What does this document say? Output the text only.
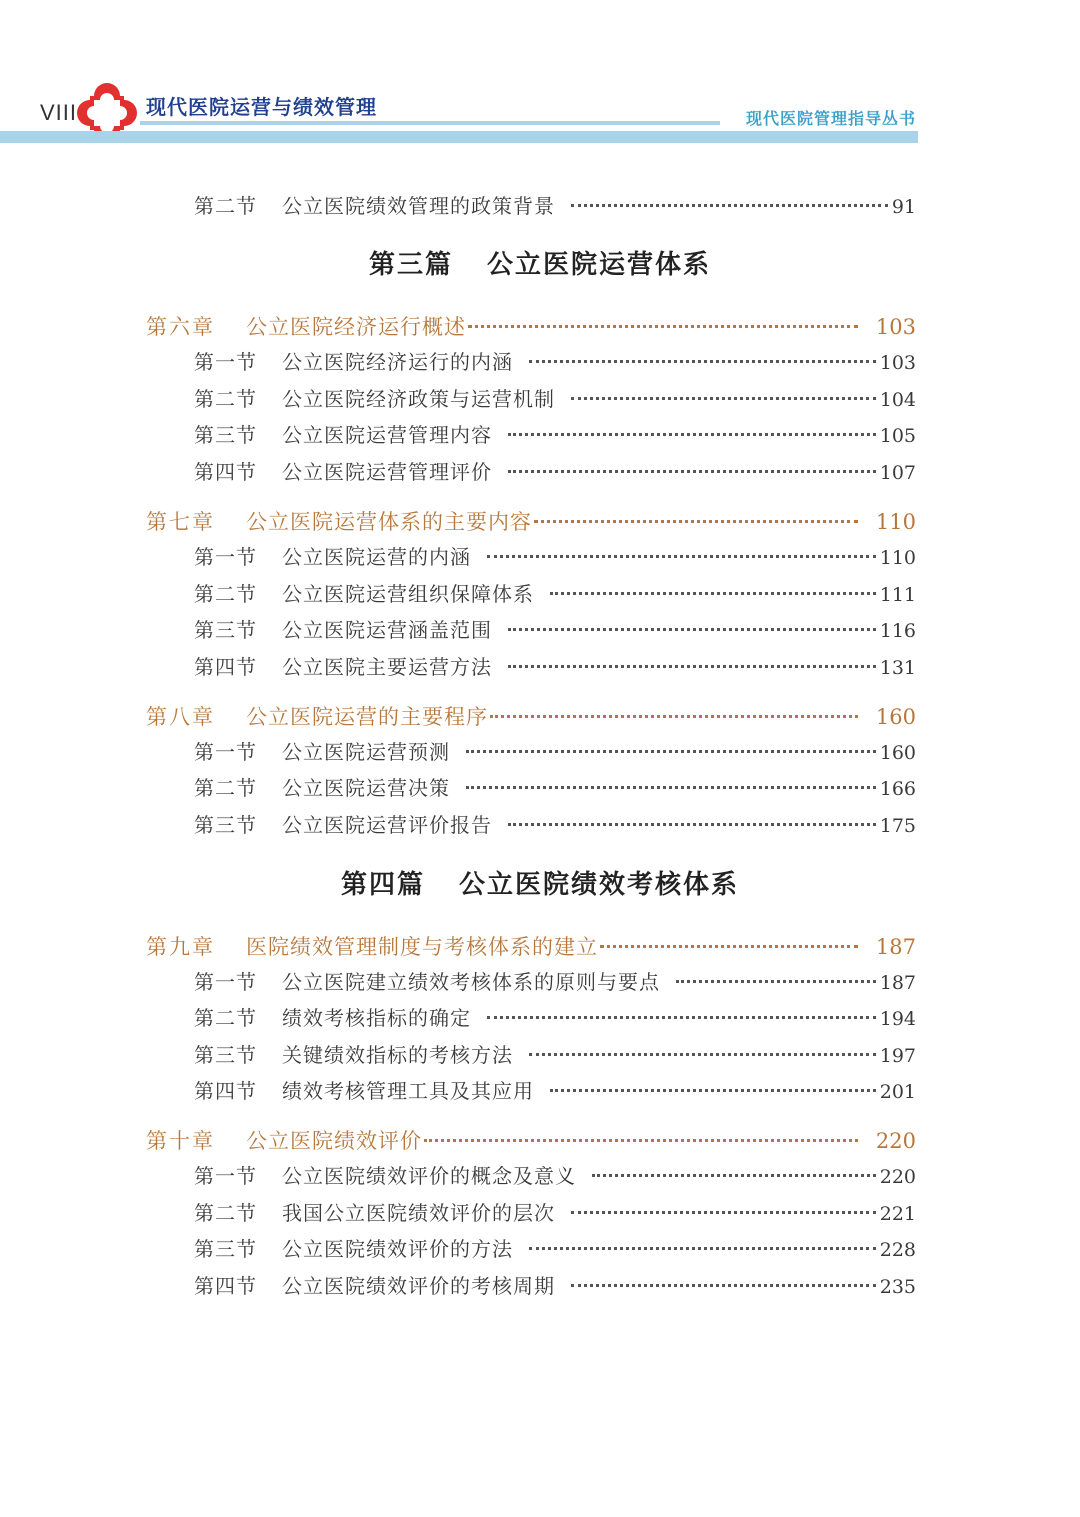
VIII	现代医院运营与绩效管理	现代医院管理指导丛书
第二节	公立医院绩效管理的政策背景	91
第三篇 公立医院运营体系
第六章	公立医院经济运行概述	103
第一节	公立医院经济运行的内涵	103
第二节	公立医院经济政策与运营机制	104
第三节	公立医院运营管理内容	105
第四节	公立医院运营管理评价	107
第七章	公立医院运营体系的主要内容	110
第一节	公立医院运营的内涵	110
第二节	公立医院运营组织保障体系	111
第三节	公立医院运营涵盖范围	116
第四节	公立医院主要运营方法	131
第八章	公立医院运营的主要程序	160
第一节	公立医院运营预测	160
第二节	公立医院运营决策	166
第三节	公立医院运营评价报告	175
第四篇 公立医院绩效考核体系
第九章	医院绩效管理制度与考核体系的建立	187
第一节	公立医院建立绩效考核体系的原则与要点	187
第二节	绩效考核指标的确定	194
第三节	关键绩效指标的考核方法	197
第四节	绩效考核管理工具及其应用	201
第十章	公立医院绩效评价	220
第一节	公立医院绩效评价的概念及意义	220
第二节	我国公立医院绩效评价的层次	221
第三节	公立医院绩效评价的方法	228
第四节	公立医院绩效评价的考核周期	235
